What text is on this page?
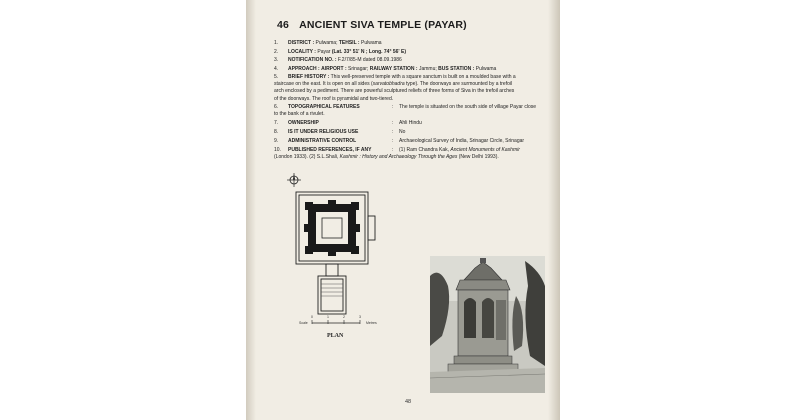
46 ANCIENT SIVA TEMPLE (PAYAR)
1.	DISTRICT : Pulwama; TEHSIL : Pulwama
2.	LOCALITY : Payar (Lat. 33° 51' N ; Long. 74° 56' E)
3.	NOTIFICATION NO. : F.2/7/85-M dated 08.09.1986
4.	APPROACH : AIRPORT : Srinagar; RAILWAY STATION : Jammu; BUS STATION : Pulwama
5.	BRIEF HISTORY : This well-preserved temple with a square sanctum is built on a moulded base with a
staircase on the east. It is open on all sides (sarvatobhadra type). The doorways are surmounted by a trefoil
arch enclosed by a pediment. There are powerful sculptured reliefs of three forms of Siva in the trefoil arches
of the doorways. The roof is pyramidal and two-tiered.
6.	TOPOGRAPHICAL FEATURES	:	The temple is situated on the south side of village Payar close
to the bank of a rivulet.
7.	OWNERSHIP	:	Ahli Hindu
8.	IS IT UNDER RELIGIOUS USE	:	No
9.	ADMINISTRATIVE CONTROL	:	Archaeological Survey of India, Srinagar Circle, Srinagar
10.	PUBLISHED REFERENCES, IF ANY	:	(1) Ram Chandra Kak, Ancient Monuments of Kashmir
(London 1933). (2) S.L.Shali, Kashmir : History and Archaeology Through the Ages (New Delhi 1993).
Scale
0	1	2	3
Metres
PLAN
48
